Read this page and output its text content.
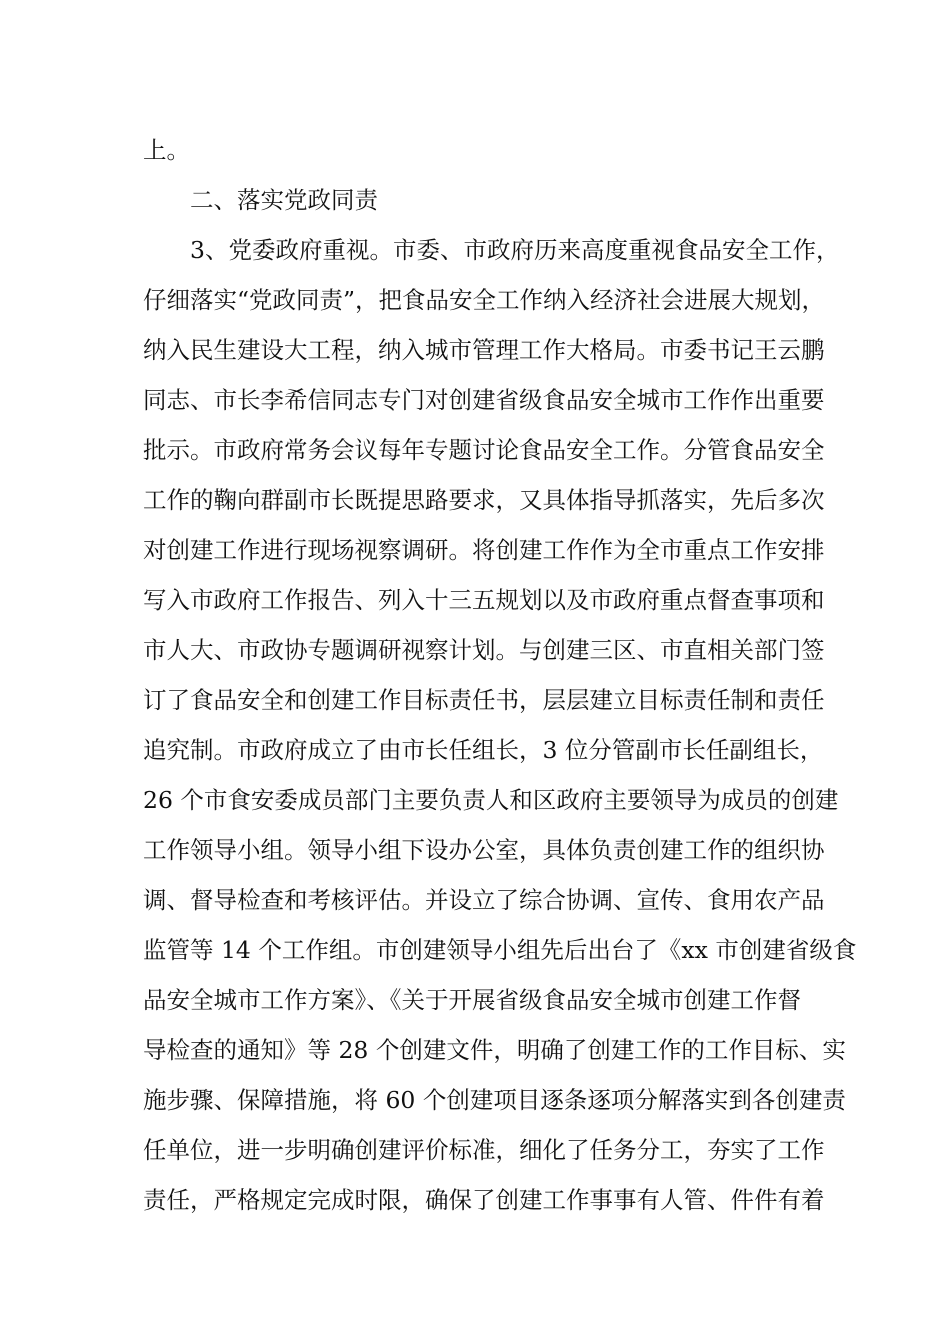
上。
二、落实党政同责
3、党委政府重视。市委、市政府历来高度重视食品安全工作，
仔细落实“党政同责”，把食品安全工作纳入经济社会进展大规划，
纳入民生建设大工程，纳入城市管理工作大格局。市委书记王云鹏
同志、市长李希信同志专门对创建省级食品安全城市工作作出重要
批示。市政府常务会议每年专题讨论食品安全工作。分管食品安全
工作的鞠向群副市长既提思路要求，又具体指导抓落实，先后多次
对创建工作进行现场视察调研。将创建工作作为全市重点工作安排
写入市政府工作报告、列入十三五规划以及市政府重点督查事项和
市人大、市政协专题调研视察计划。与创建三区、市直相关部门签
订了食品安全和创建工作目标责任书，层层建立目标责任制和责任
追究制。市政府成立了由市长任组长，3 位分管副市长任副组长，
26 个市食安委成员部门主要负责人和区政府主要领导为成员的创建
工作领导小组。领导小组下设办公室，具体负责创建工作的组织协
调、督导检查和考核评估。并设立了综合协调、宣传、食用农产品
监管等 14 个工作组。市创建领导小组先后出台了《xx 市创建省级食
品安全城市工作方案》、《关于开展省级食品安全城市创建工作督
导检查的通知》等 28 个创建文件，明确了创建工作的工作目标、实
施步骤、保障措施，将 60 个创建项目逐条逐项分解落实到各创建责
任单位，进一步明确创建评价标准，细化了任务分工，夯实了工作
责任，严格规定完成时限，确保了创建工作事事有人管、件件有着
